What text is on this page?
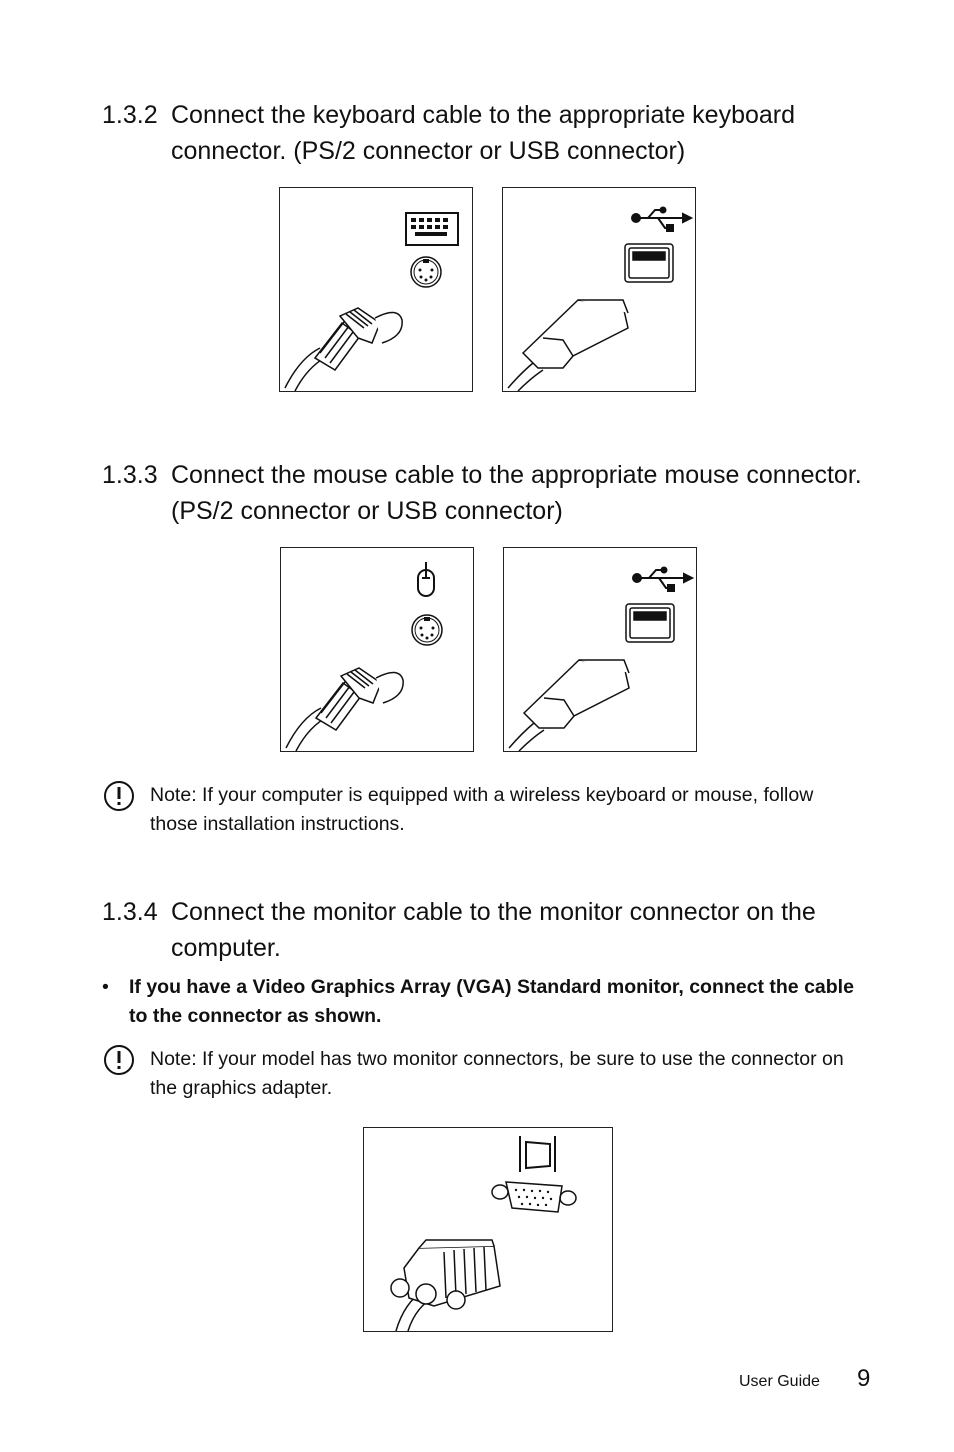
1.3.2 Connect the keyboard cable to the appropriate keyboard connector. (PS/2 connector or USB connector)
1.3.3 Connect the mouse cable to the appropriate mouse connector. (PS/2 connector or USB connector)
Note: If your computer is equipped with a wireless keyboard or mouse, follow those installation instructions.
1.3.4 Connect the monitor cable to the monitor connector on the computer.
• If you have a Video Graphics Array (VGA) Standard monitor, connect the cable to the connector as shown.
Note: If your model has two monitor connectors, be sure to use the connector on the graphics adapter.
User Guide 9
